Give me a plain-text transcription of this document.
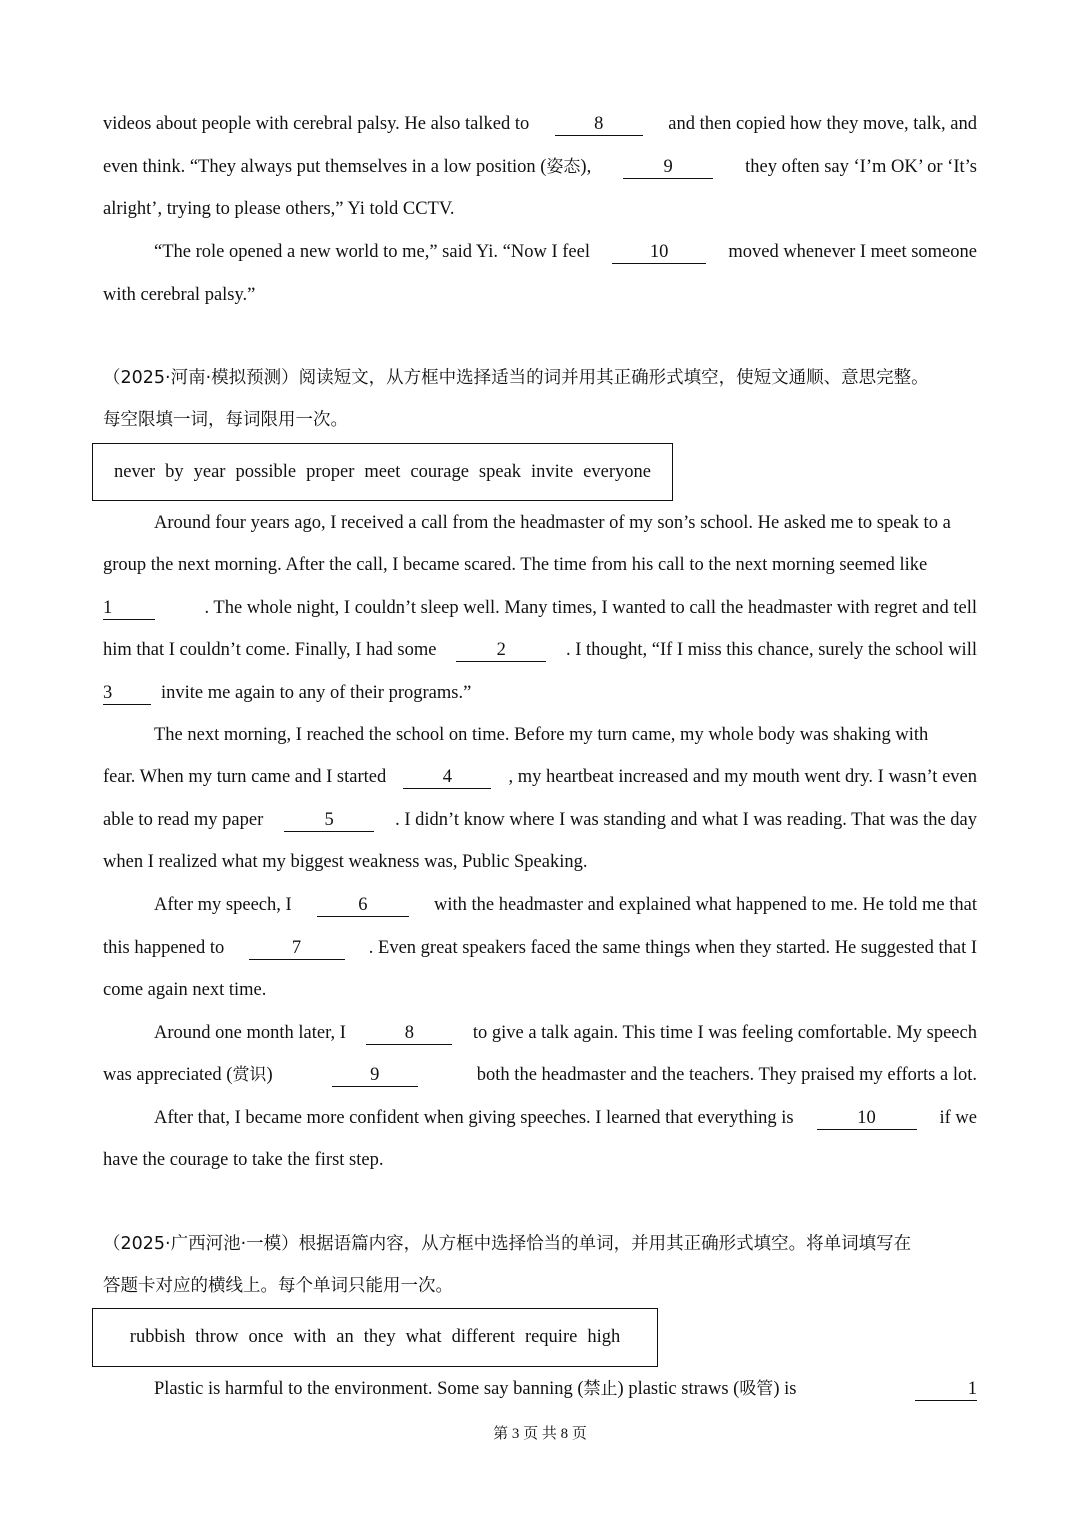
videos about people with cerebral palsy. He also talked to	8	and then copied how they move, talk, and
even think. “They always put themselves in a low position (姿态),	9	they often say ‘I’m OK’ or ‘It’s
alright’, trying to please others,” Yi told CCTV.
“The role opened a new world to me,” said Yi. “Now I feel	10	moved whenever I meet someone
with cerebral palsy.”
（2025·河南·模拟预测）阅读短文，从方框中选择适当的词并用其正确形式填空，使短文通顺、意思完整。
每空限填一词，每词限用一次。
never by year possible proper meet courage speak invite everyone
Around four years ago, I received a call from the headmaster of my son’s school. He asked me to speak to a
group the next morning. After the call, I became scared. The time from his call to the next morning seemed like
1	. The whole night, I couldn’t sleep well. Many times, I wanted to call the headmaster with regret and tell
him that I couldn’t come. Finally, I had some	2	. I thought, “If I miss this chance, surely the school will
3	invite me again to any of their programs.”
The next morning, I reached the school on time. Before my turn came, my whole body was shaking with
fear. When my turn came and I started	4	, my heartbeat increased and my mouth went dry. I wasn’t even
able to read my paper	5	. I didn’t know where I was standing and what I was reading. That was the day
when I realized what my biggest weakness was, Public Speaking.
After my speech, I	6	with the headmaster and explained what happened to me. He told me that
this happened to	7	. Even great speakers faced the same things when they started. He suggested that I
come again next time.
Around one month later, I	8	to give a talk again. This time I was feeling comfortable. My speech
was appreciated (赏识)	9	both the headmaster and the teachers. They praised my efforts a lot.
After that, I became more confident when giving speeches. I learned that everything is	10	if we
have the courage to take the first step.
（2025·广西河池·一模）根据语篇内容，从方框中选择恰当的单词，并用其正确形式填空。将单词填写在
答题卡对应的横线上。每个单词只能用一次。
rubbish throw once with an they what different require high
Plastic is harmful to the environment. Some say banning (禁止) plastic straws (吸管) is	1
第 3 页 共 8 页
